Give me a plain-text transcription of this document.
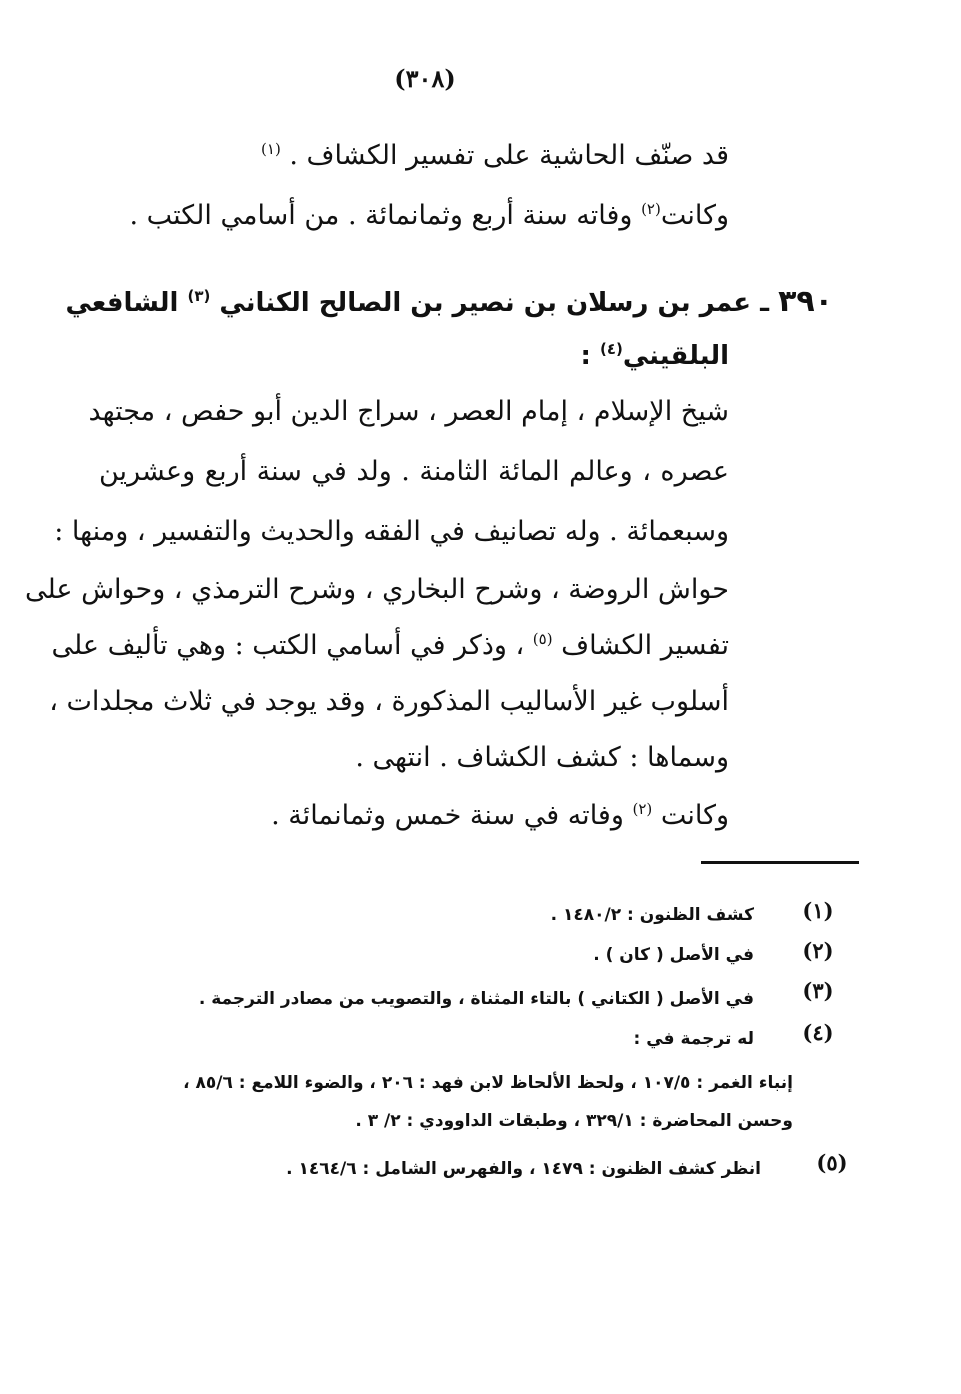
(٣٠٨)
قد صنّف الحاشية على تفسير الكشاف . $^{(١)}$
وكانت$^{(٢)}$ وفاته سنة أربع وثمانمائة . من أسامي الكتب .
٣٩٠ ـ عمر بن رسلان بن نصير بن الصالح الكناني $^{(٣)}$ الشافعي
البلقيني$^{(٤)}$ :
شيخ الإسلام ، إمام العصر ، سراج الدين أبو حفص ، مجتهد
عصره ، وعالم المائة الثامنة . ولد في سنة أربع وعشرين
وسبعمائة . وله تصانيف في الفقه والحديث والتفسير ، ومنها :
حواش الروضة ، وشرح البخاري ، وشرح الترمذي ، وحواش على
تفسير الكشاف $^{(٥)}$ ، وذكر في أسامي الكتب : وهي تأليف على
أسلوب غير الأساليب المذكورة ، وقد يوجد في ثلاث مجلدات ،
وسماها : كشف الكشاف . انتهى .
وكانت $^{(٢)}$ وفاته في سنة خمس وثمانمائة .
(١)
كشف الظنون : ١٤٨٠/٢ .
(٢)
في الأصل ( كان ) .
(٣)
في الأصل ( الكتاني ) بالتاء المثناة ، والتصويب من مصادر الترجمة .
(٤)
له ترجمة في :
إنباء الغمر : ١٠٧/٥ ، ولحظ الألحاظ لابن فهد : ٢٠٦ ، والضوء اللامع : ٨٥/٦ ،
وحسن المحاضرة : ٣٢٩/١ ، وطبقات الداوودي : ٢/ ٣ .
(٥)
انظر كشف الظنون : ١٤٧٩ ، والفهرس الشامل : ١٤٦٤/٦ .
